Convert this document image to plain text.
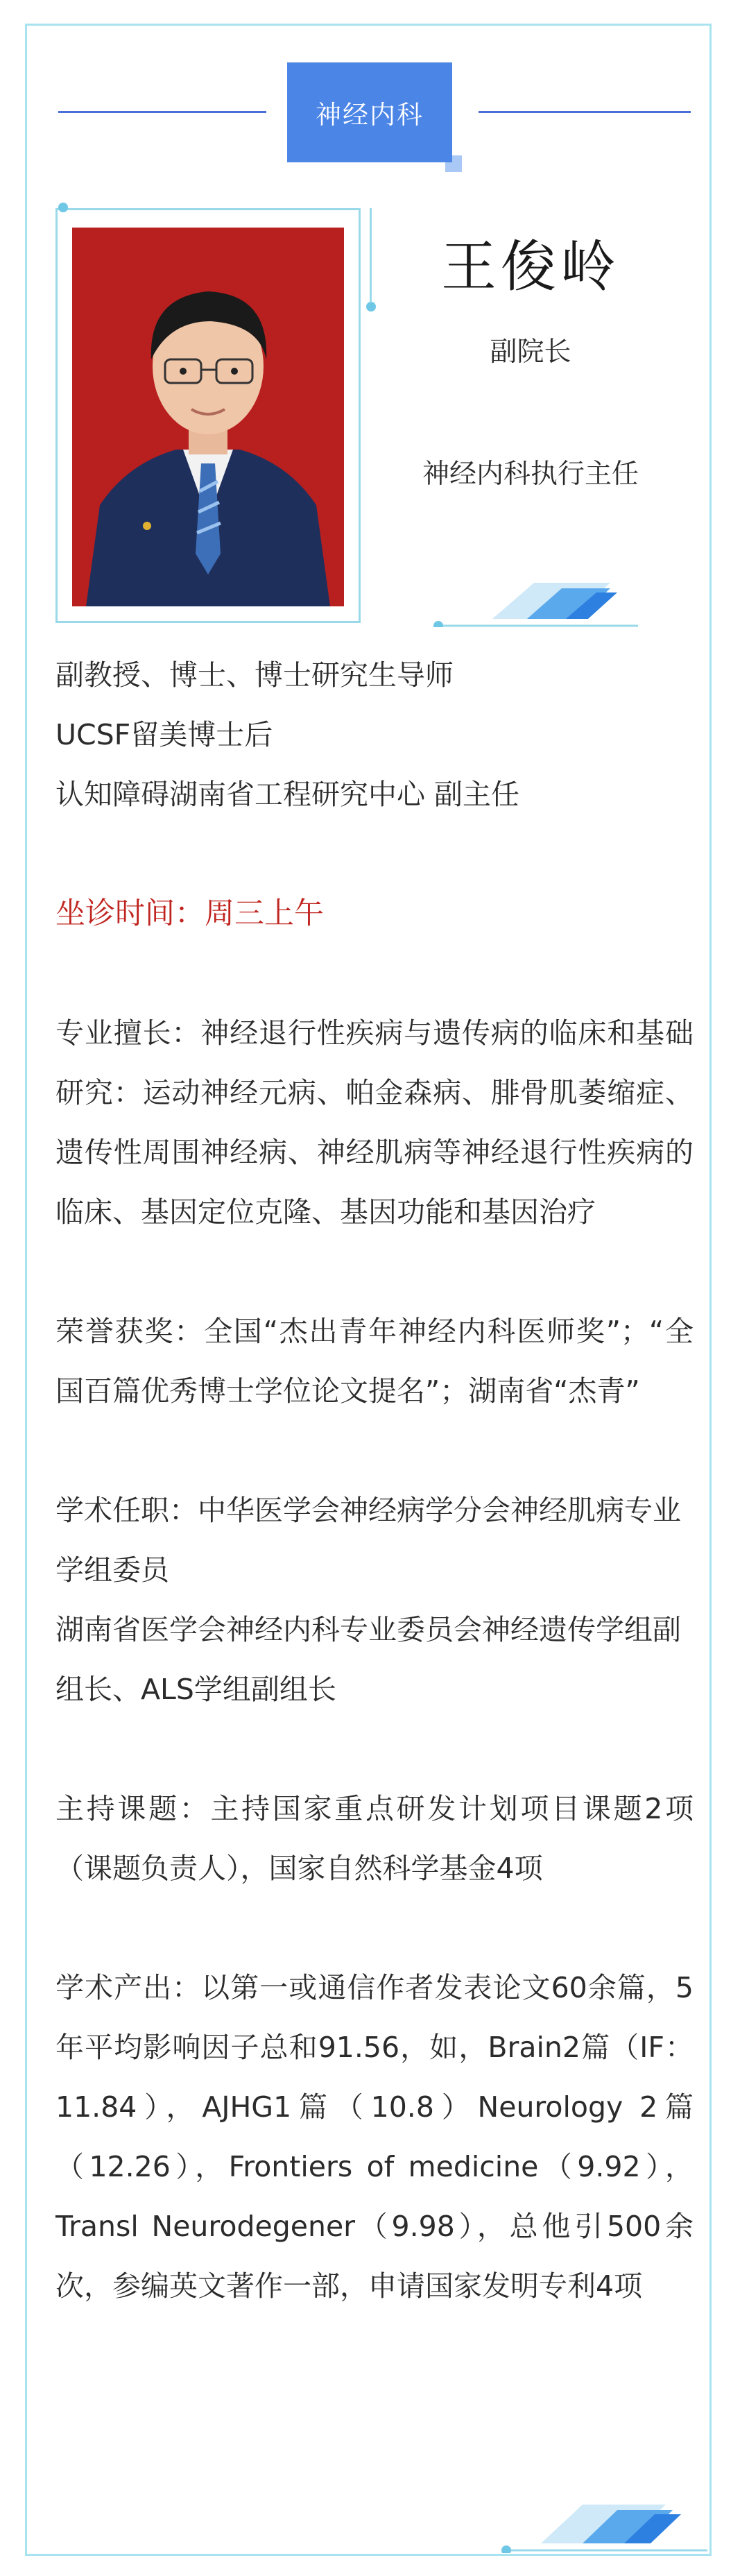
神经内科
王俊岭
副院长
神经内科执行主任

副教授、博士、博士研究生导师

UCSF留美博士后

认知障碍湖南省工程研究中心 副主任

坐诊时间：周三上午

专业擅长：神经退行性疾病与遗传病的临床和基础研究：运动神经元病、帕金森病、腓骨肌萎缩症、遗传性周围神经病、神经肌病等神经退行性疾病的临床、基因定位克隆、基因功能和基因治疗

荣誉获奖：全国“杰出青年神经内科医师奖”；“全国百篇优秀博士学位论文提名”；湖南省“杰青”

学术任职：中华医学会神经病学分会神经肌病专业学组委员

湖南省医学会神经内科专业委员会神经遗传学组副组长、ALS学组副组长

主持课题：主持国家重点研发计划项目课题2项（课题负责人），国家自然科学基金4项

学术产出：以第一或通信作者发表论文60余篇，5年平均影响因子总和91.56，如，Brain2篇（IF：11.84），AJHG1篇（10.8）Neurology 2篇（12.26），Frontiers of medicine（9.92），Transl Neurodegener（9.98），总他引500余次，参编英文著作一部，申请国家发明专利4项
